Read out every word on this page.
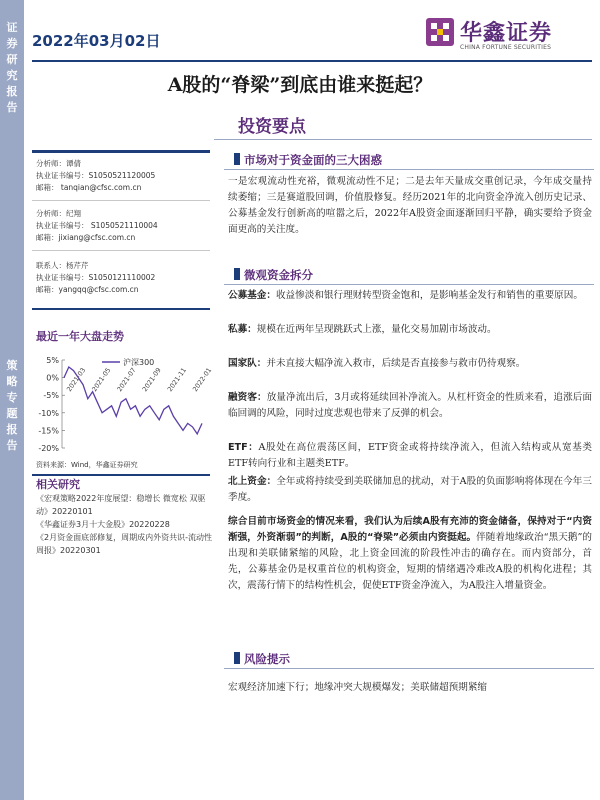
证
券
研
究
报
告
策
略
专
题
报
告
2022年03月02日	华鑫证券
CHINA FORTUNE SECURITIES
A股的“脊梁”到底由谁来挺起？
投资要点
分析师：谭倩
执业证书编号：S1050521120005
邮箱： tanqian@cfsc.com.cn
分析师：纪翔
执业证书编号： S1050521110004
邮箱：jixiang@cfsc.com.cn
联系人：杨芹芹
执业证书编号：S1050121110002
邮箱：yangqq@cfsc.com.cn
最近一年大盘走势
5%
0%
-5%
-10%
-15%
-20%
2021-03 2021-05 2021-07 2021-09 2021-11 2022-01
沪深300
资料来源：Wind，华鑫证券研究
相关研究
《宏观策略2022年度展望：稳增长 微宽松 双驱动》20220101
《华鑫证券3月十大金股》20220228
《2月资金面底部修复，周期成内外资共识-流动性周报》20220301
市场对于资金面的三大困惑
一是宏观流动性充裕，微观流动性不足；二是去年天量成交重创记录，今年成交量持续萎缩；三是赛道股回调，价值股修复。经历2021年的北向资金净流入创历史记录、公募基金发行创新高的喧嚣之后，2022年A股资金面逐渐回归平静，确实要给予资金面更高的关注度。
微观资金拆分
公募基金：收益惨淡和银行理财转型资金饱和，是影响基金发行和销售的重要原因。
私募：规模在近两年呈现跳跃式上涨，量化交易加剧市场波动。
国家队：并未直接大幅净流入救市，后续是否直接参与救市仍待观察。
融资客：放量净流出后，3月或将延续回补净流入。从杠杆资金的性质来看，追涨后面临回调的风险，同时过度悲观也带来了反弹的机会。
ETF：A股处在高位震荡区间，ETF资金或将持续净流入，但流入结构或从宽基类ETF转向行业和主题类ETF。
北上资金：全年或将持续受到美联储加息的扰动，对于A股的负面影响将体现在今年三季度。
综合目前市场资金的情况来看，我们认为后续A股有充沛的资金储备，保持对于“内资渐强，外资渐弱”的判断，A股的“脊梁”必须由内资挺起。伴随着地缘政治“黑天鹅”的出现和美联储紧缩的风险，北上资金回流的阶段性冲击的确存在。而内资部分，首先，公募基金仍是权重首位的机构资金，短期的情绪遇冷难改A股的机构化进程；其次，震荡行情下的结构性机会，促使ETF资金净流入，为A股注入增量资金。
风险提示
宏观经济加速下行；地缘冲突大规模爆发；美联储超预期紧缩
